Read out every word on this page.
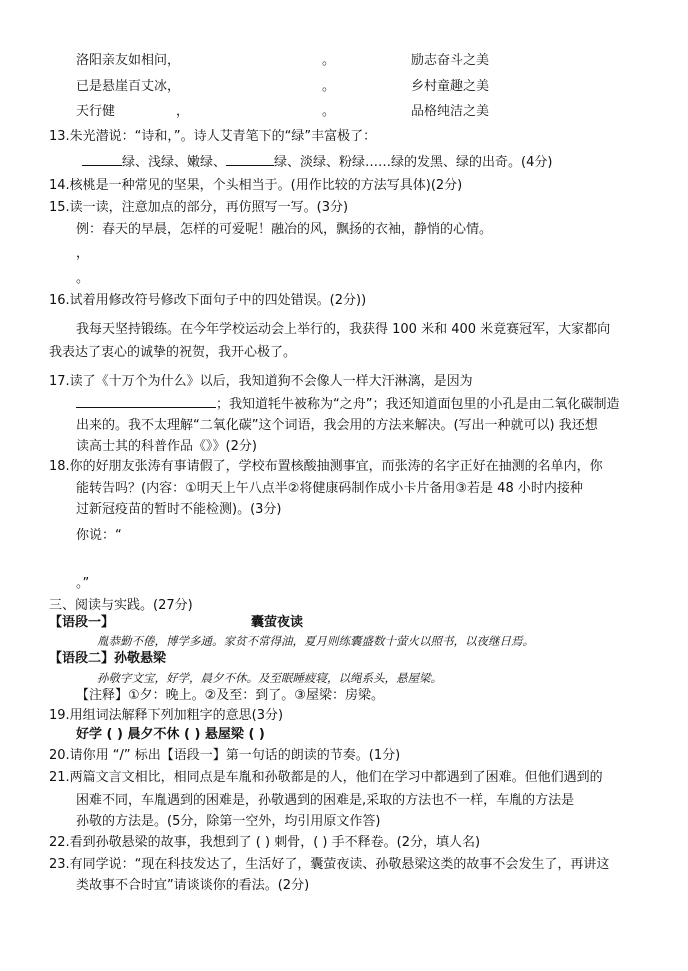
洛阳亲友如相问，	。	励志奋斗之美
已是悬崖百丈冰，	。	乡村童趣之美
天行健	，	。	品格纯洁之美
13.朱光潜说：“诗和，”。诗人艾青笔下的“绿”丰富极了：
绿、浅绿、嫩绿、	绿、淡绿、粉绿……绿的发黑、绿的出奇。(4分)
14.核桃是一种常见的坚果，个头相当于。(用作比较的方法写具体)(2分)
15.读一读，注意加点的部分，再仿照写一写。(3分)
例：春天的早晨，怎样的可爱呢！融冶的风，飘扬的衣袖，静悄的心情。
，
。
16.试着用修改符号修改下面句子中的四处错误。(2分))
我每天坚持锻练。在今年学校运动会上举行的，我获得 100 米和 400 米竟赛冠军，大家都向
我表达了衷心的诚挚的祝贺，我开心极了。
17.读了《十万个为什么》以后，我知道狗不会像人一样大汗淋漓，是因为
；我知道牦牛被称为“之舟”；我还知道面包里的小孔是由二氧化碳制造
出来的。我不太理解“二氧化碳”这个词语，我会用的方法来解决。(写出一种就可以) 我还想
读高士其的科普作品《》》(2分)
18.你的好朋友张涛有事请假了，学校布置核酸抽测事宜，而张涛的名字正好在抽测的名单内，你
能转告吗？(内容：①明天上午八点半②将健康码制作成小卡片备用③若是 48 小时内接种
过新冠疫苗的暂时不能检测)。(3分)
你说：“
。”
三、阅读与实践。(27分)
【语段一】	囊萤夜读
胤恭勤不倦，博学多通。家贫不常得油，夏月则练囊盛数十萤火以照书，以夜继日焉。
【语段二】孙敬悬梁
孙敬字文宝，好学，晨夕不休。及至眠睡疲寝，以绳系头，悬屋梁。
【注释】①夕：晚上。②及至：到了。③屋梁：房梁。
19.用组词法解释下列加粗字的意思(3分)
好学 ( ) 晨夕不休 ( ) 悬屋梁 ( )
20.请你用 “/” 标出【语段一】第一句话的朗读的节奏。(1分)
21.两篇文言文相比，相同点是车胤和孙敬都是的人，他们在学习中都遇到了困难。但他们遇到的
困难不同，车胤遇到的困难是，孙敬遇到的困难是,采取的方法也不一样，车胤的方法是
孙敬的方法是。(5分，除第一空外，均引用原文作答)
22.看到孙敬悬梁的故事，我想到了 ( ) 刺骨，( ) 手不释卷。(2分，填人名)
23.有同学说：“现在科技发达了，生活好了，囊萤夜读、孙敬悬梁这类的故事不会发生了，再讲这
类故事不合时宜”请谈谈你的看法。(2分)
